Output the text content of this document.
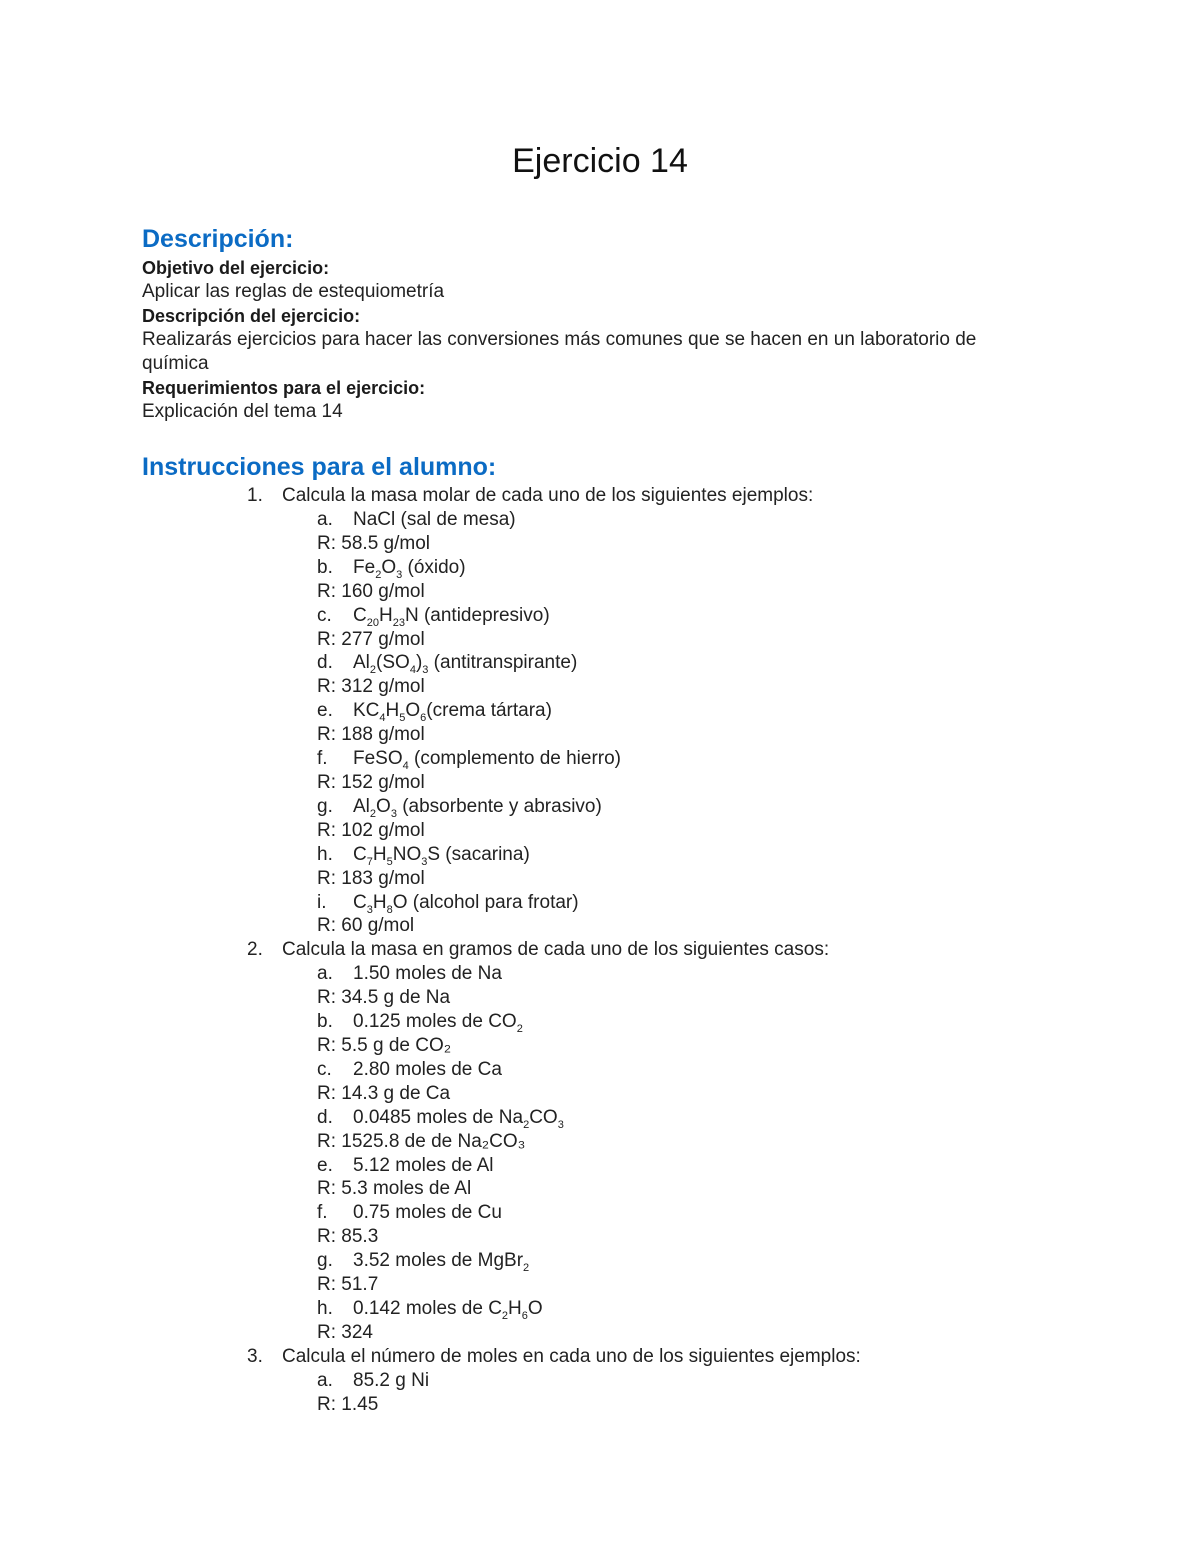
Ejercicio 14
Descripción:
Objetivo del ejercicio:
Aplicar las reglas de estequiometría
Descripción del ejercicio:
Realizarás ejercicios para hacer las conversiones más comunes que se hacen en un laboratorio de
química
Requerimientos para el ejercicio:
Explicación del tema 14
Instrucciones para el alumno:
1.	Calcula la masa molar de cada uno de los siguientes ejemplos:
a.	NaCl (sal de mesa)
R: 58.5 g/mol
b.	$Fe_2O_3$ (óxido)
R: 160 g/mol
c.	$C_{20}H_{23}N$ (antidepresivo)
R: 277 g/mol
d.	$Al_2(SO_4)_3$ (antitranspirante)
R: 312 g/mol
e.	$KC_4H_5O_6(crema$ tártara)
R: 188 g/mol
f.	FeSO$_4$ (complemento de hierro)
R: 152 g/mol
g.	$Al_2O_3$ (absorbente y abrasivo)
R: 102 g/mol
h.	$C_7H_5NO_3S$ (sacarina)
R: 183 g/mol
i.	$C_3H_8O$ (alcohol para frotar)
R: 60 g/mol
2.	Calcula la masa en gramos de cada uno de los siguientes casos:
a.	1.50 moles de Na
R: 34.5 g de Na
b.	0.125 moles de $CO_2$
R: 5.5 g de CO₂
c.	2.80 moles de Ca
R: 14.3 g de Ca
d.	0.0485 moles de $Na_2CO_3$
R: 1525.8 de de Na₂CO₃
e.	5.12 moles de Al
R: 5.3 moles de Al
f.	0.75 moles de Cu
R: 85.3
g.	3.52 moles de MgBr$_2$
R: 51.7
h.	0.142 moles de $C_2H_6O$
R: 324
3.	Calcula el número de moles en cada uno de los siguientes ejemplos:
a.	85.2 g Ni
R: 1.45
